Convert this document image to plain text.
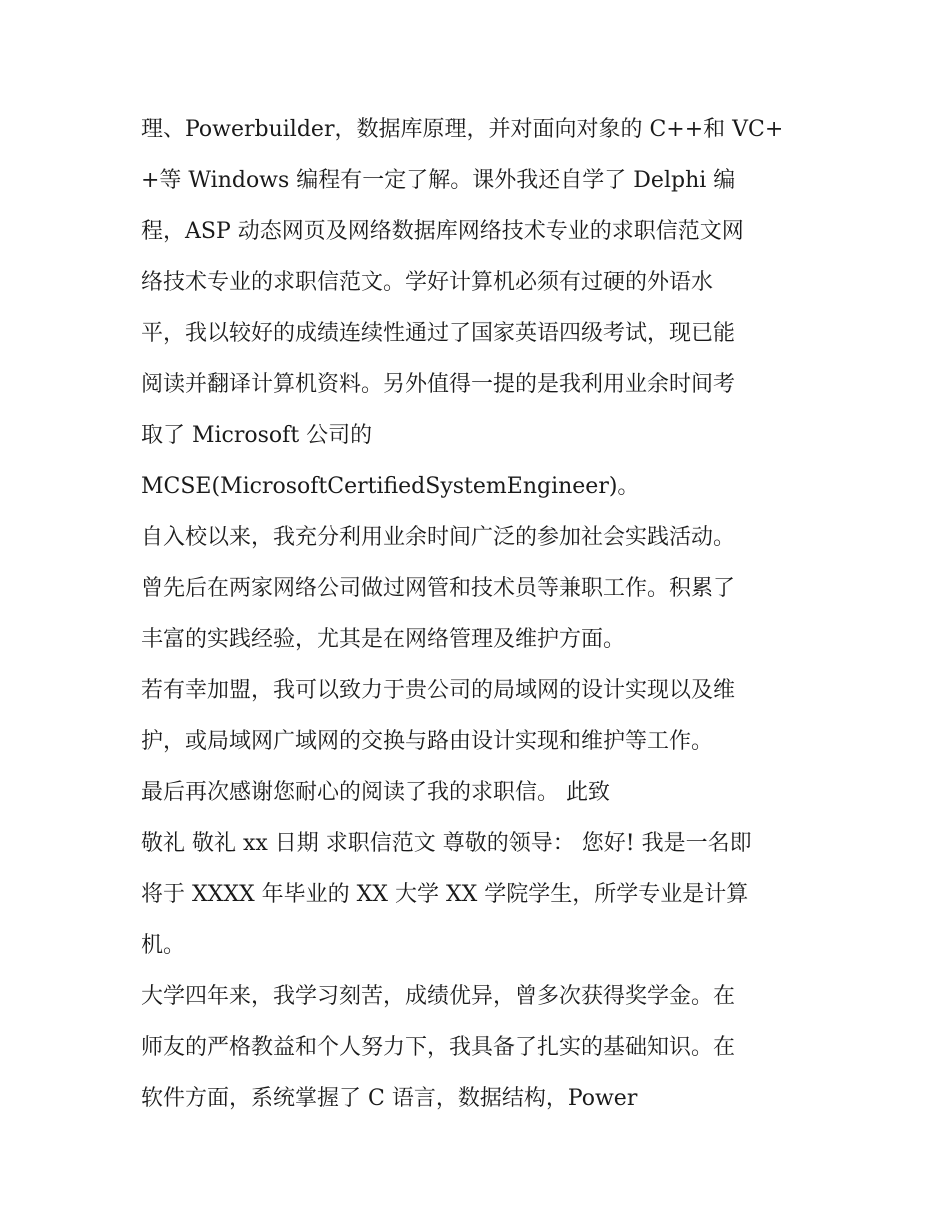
理、Powerbuilder，数据库原理，并对面向对象的 C++和 VC+
+等 Windows 编程有一定了解。课外我还自学了 Delphi 编
程，ASP 动态网页及网络数据库网络技术专业的求职信范文网
络技术专业的求职信范文。学好计算机必须有过硬的外语水
平，我以较好的成绩连续性通过了国家英语四级考试，现已能
阅读并翻译计算机资料。另外值得一提的是我利用业余时间考
取了 Microsoft 公司的
MCSE(MicrosoftCertifiedSystemEngineer)。
自入校以来，我充分利用业余时间广泛的参加社会实践活动。
曾先后在两家网络公司做过网管和技术员等兼职工作。积累了
丰富的实践经验，尤其是在网络管理及维护方面。
若有幸加盟，我可以致力于贵公司的局域网的设计实现以及维
护，或局域网广域网的交换与路由设计实现和维护等工作。
最后再次感谢您耐心的阅读了我的求职信。 此致
敬礼 敬礼 xx 日期 求职信范文 尊敬的领导： 您好! 我是一名即
将于 XXXX 年毕业的 XX 大学 XX 学院学生，所学专业是计算
机。
大学四年来，我学习刻苦，成绩优异，曾多次获得奖学金。在
师友的严格教益和个人努力下，我具备了扎实的基础知识。在
软件方面，系统掌握了 C 语言，数据结构，Power
